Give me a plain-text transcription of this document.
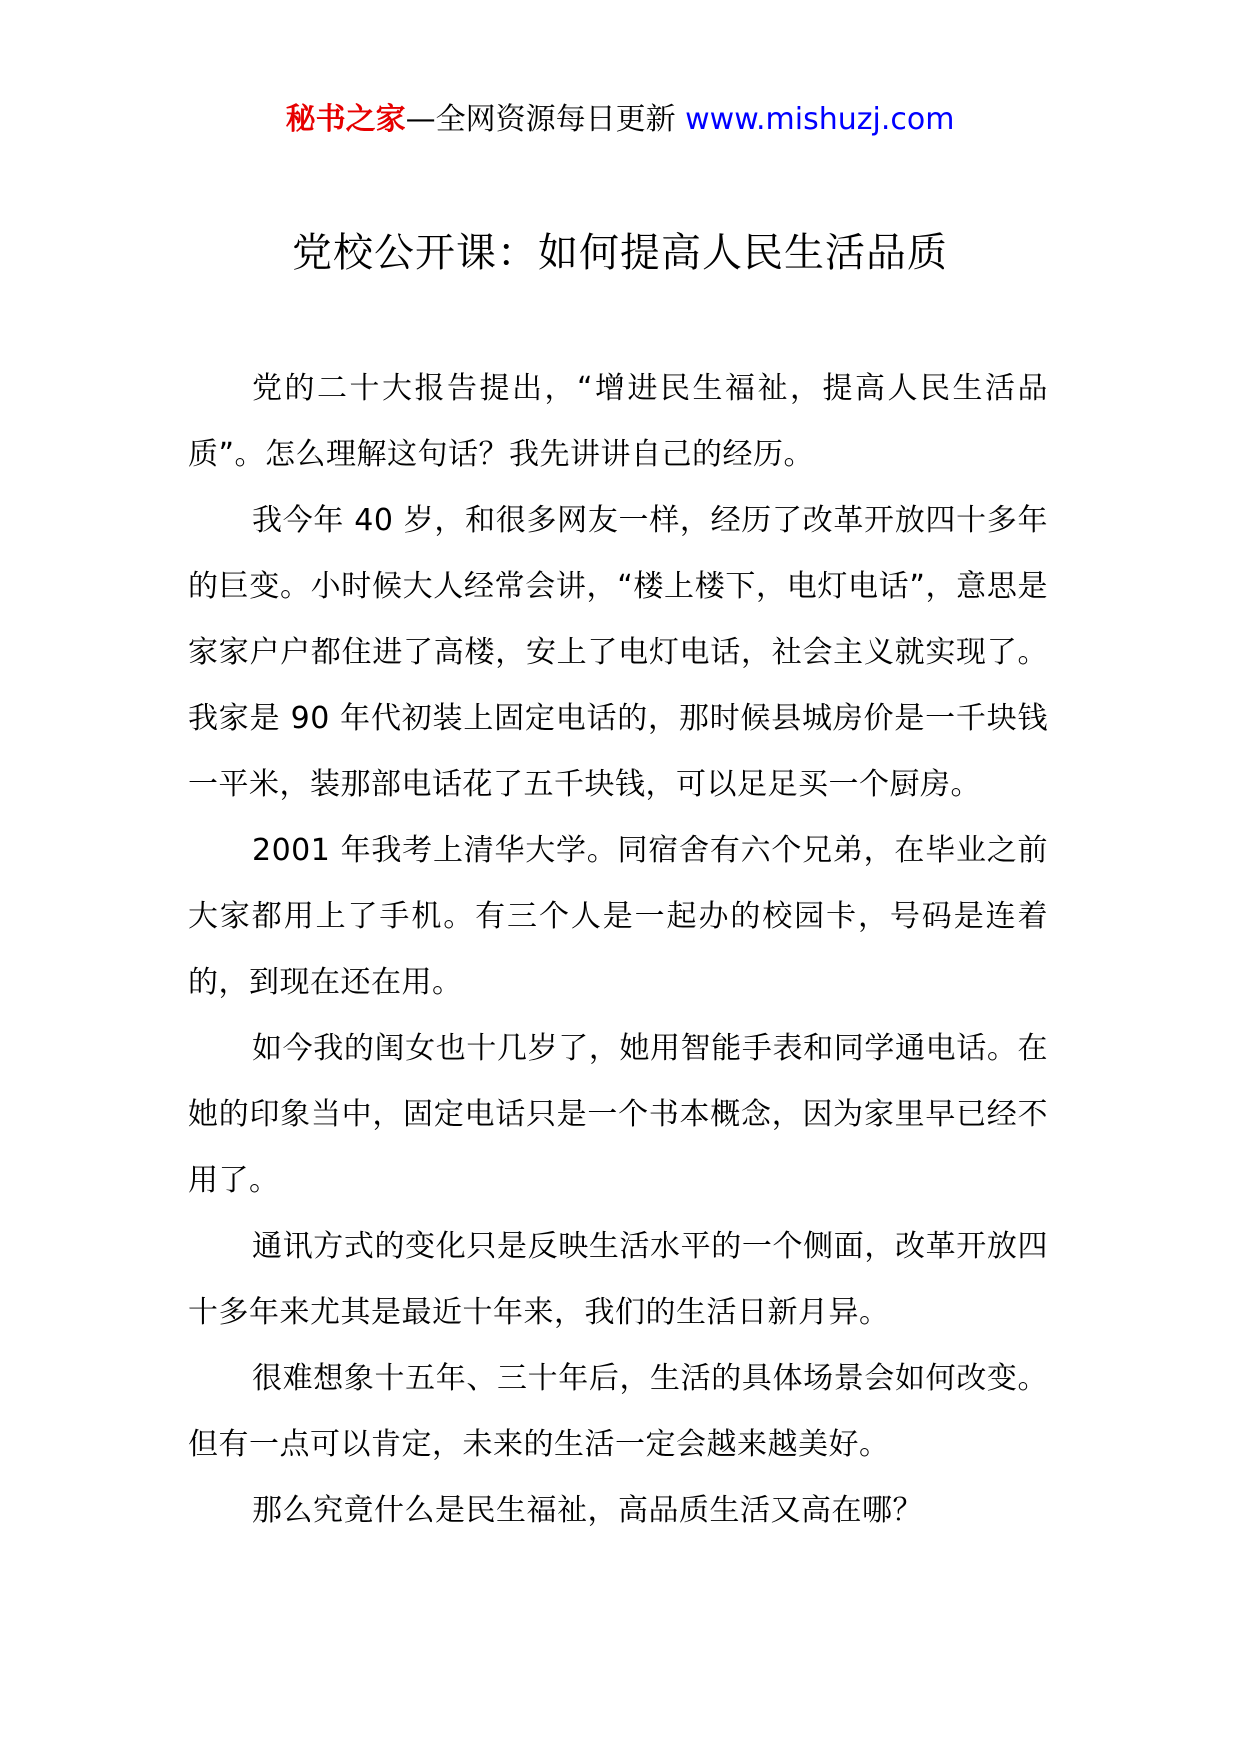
秘书之家—全网资源每日更新 www.mishuzj.com
党校公开课：如何提高人民生活品质

党的二十大报告提出，“增进民生福祉，提高人民生活品质”。怎么理解这句话？我先讲讲自己的经历。

我今年 40 岁，和很多网友一样，经历了改革开放四十多年的巨变。小时候大人经常会讲，“楼上楼下，电灯电话”，意思是家家户户都住进了高楼，安上了电灯电话，社会主义就实现了。我家是 90 年代初装上固定电话的，那时候县城房价是一千块钱一平米，装那部电话花了五千块钱，可以足足买一个厨房。

2001 年我考上清华大学。同宿舍有六个兄弟，在毕业之前大家都用上了手机。有三个人是一起办的校园卡，号码是连着的，到现在还在用。

如今我的闺女也十几岁了，她用智能手表和同学通电话。在她的印象当中，固定电话只是一个书本概念，因为家里早已经不用了。

通讯方式的变化只是反映生活水平的一个侧面，改革开放四十多年来尤其是最近十年来，我们的生活日新月异。

很难想象十五年、三十年后，生活的具体场景会如何改变。但有一点可以肯定，未来的生活一定会越来越美好。

那么究竟什么是民生福祉，高品质生活又高在哪？
